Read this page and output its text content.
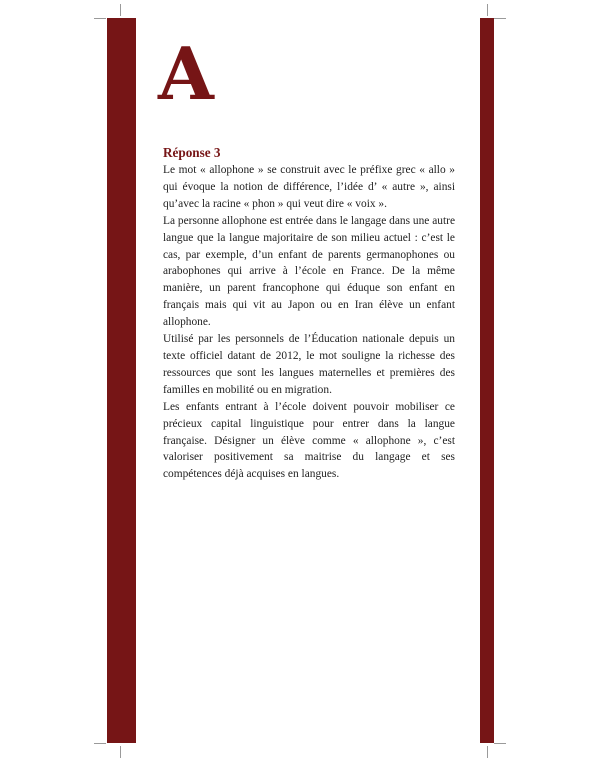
A
Réponse 3

Le mot « allophone » se construit avec le préfixe grec « allo » qui évoque la notion de différence, l’idée d’ « autre », ainsi qu’avec la racine « phon » qui veut dire « voix ».

La personne allophone est entrée dans le langage dans une autre langue que la langue majoritaire de son milieu actuel : c’est le cas, par exemple, d’un enfant de parents germanophones ou arabophones qui arrive à l’école en France. De la même manière, un parent francophone qui éduque son enfant en français mais qui vit au Japon ou en Iran élève un enfant allophone.

Utilisé par les personnels de l’Éducation nationale depuis un texte officiel datant de 2012, le mot souligne la richesse des ressources que sont les langues maternelles et premières des familles en mobilité ou en migration.

Les enfants entrant à l’école doivent pouvoir mobiliser ce précieux capital linguistique pour entrer dans la langue française. Désigner un élève comme « allophone », c’est valoriser positivement sa maitrise du langage et ses compétences déjà acquises en langues.
